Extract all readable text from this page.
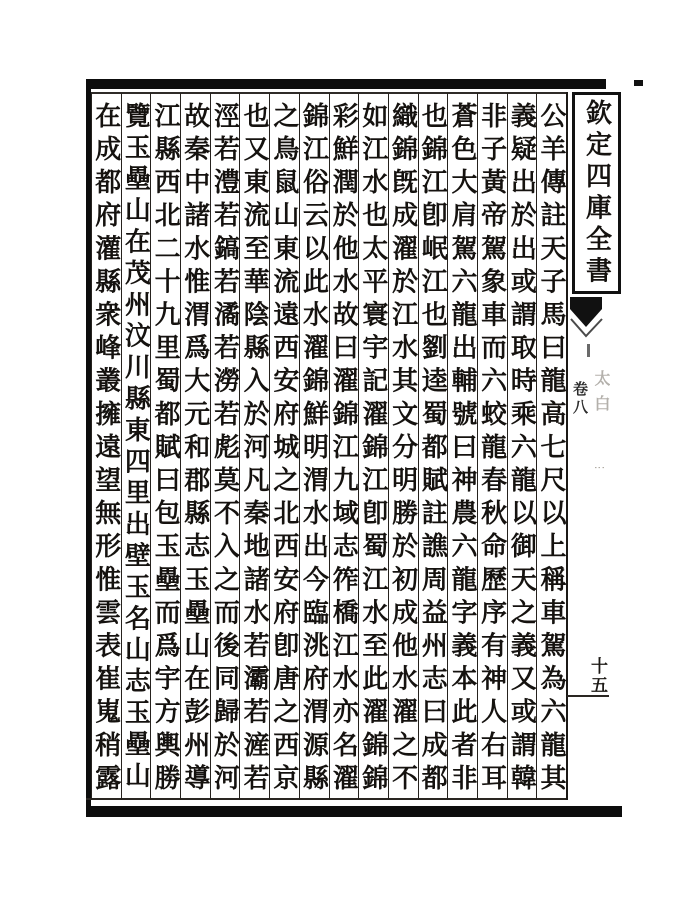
公羊傳註天子馬曰龍高七尺以上稱車駕為六龍其
義疑出於出或謂取時乘六龍以御天之義又或謂韓
非子黃帝駕象車而六蛟龍春秋命歷序有神人右耳
蒼色大肩駕六龍出輔號曰神農六龍字義本此者非
也錦江卽岷江也劉逵蜀都賦註譙周益州志曰成都
織錦旣成濯於江水其文分明勝於初成他水濯之不
如江水也太平寰宇記濯錦江卽蜀江水至此濯錦錦
彩鮮潤於他水故曰濯錦江九域志筰橋江水亦名濯
錦江俗云以此水濯錦鮮明渭水出今臨洮府渭源縣
之鳥鼠山東流遠西安府城之北西安府卽唐之西京
也又東流至華陰縣入於河凡秦地諸水若灞若滻若
涇若澧若鎬若潏若澇若彪莫不入之而後同歸於河
故秦中諸水惟渭爲大元和郡縣志玉壘山在彭州導
江縣西北二十九里蜀都賦曰包玉壘而爲宇方輿勝
覽玉壘山在茂州汶川縣東四里出壁玉名山志玉壘山
在成都府灌縣衆峰叢擁遠望無形惟雲表崔嵬稍露	欽定四庫全書
卷八 太白
⋮
十五
